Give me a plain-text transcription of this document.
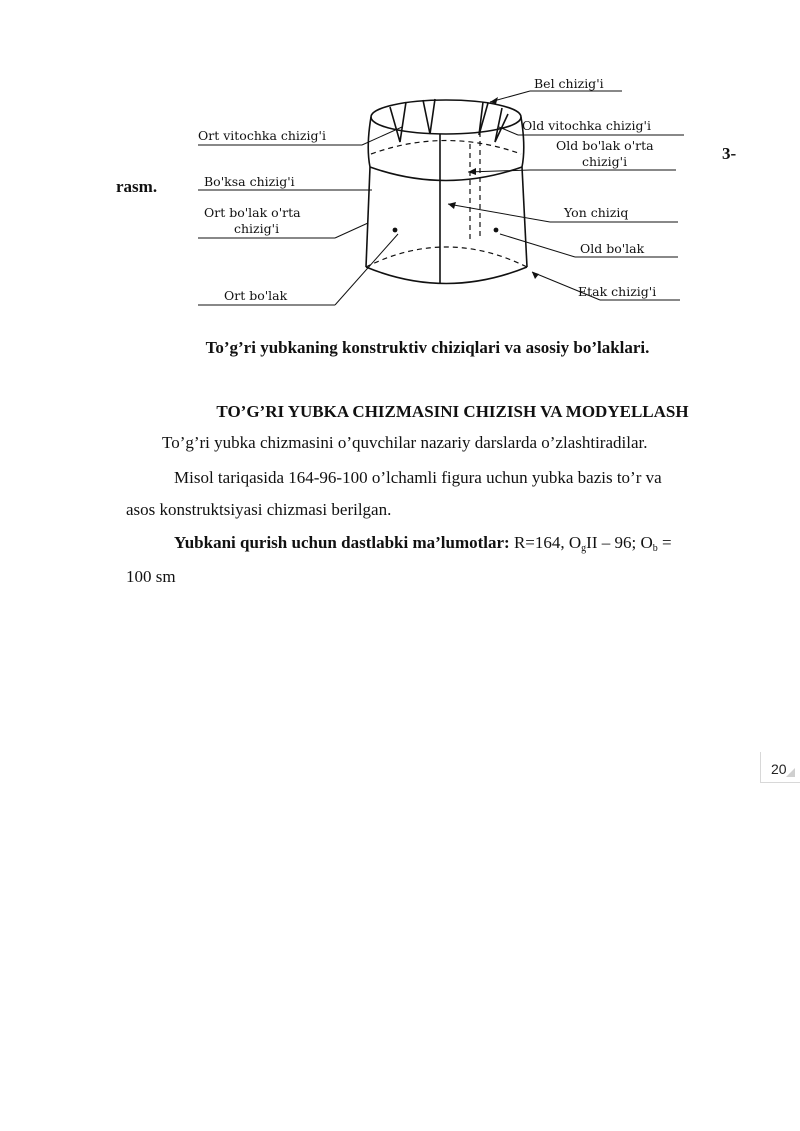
3-
rasm.
Bel chizig'i
Ort vitochka chizig'i
Old vitochka chizig'i
Old bo'lak o'rta
chizig'i
Bo'ksa chizig'i
Ort bo'lak o'rta
chizig'i
Yon chiziq
Old bo'lak
Ort bo'lak	Etak chizig'i
To’g’ri yubkaning konstruktiv chiziqlari va asosiy bo’laklari.
TO’G’RI YUBKA CHIZMASINI CHIZISH VA MODYELLASH
To’g’ri yubka chizmasini o’quvchilar nazariy darslarda o’zlashtiradilar.
Misol tariqasida 164-96-100 o’lchamli figura uchun yubka bazis to’r va
asos konstruktsiyasi chizmasi berilgan.
Yubkani qurish uchun dastlabki ma’lumotlar: R=164, $O_gII - 96$; $O_b$ =
100 sm
20
